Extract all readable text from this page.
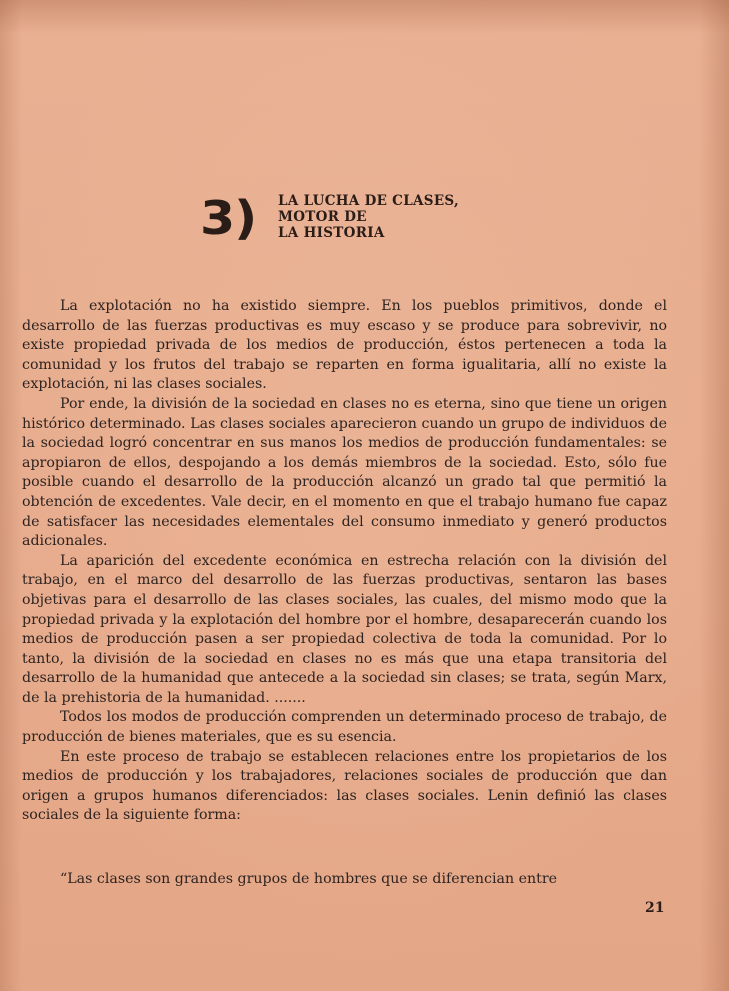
3) LA LUCHA DE CLASES,
MOTOR DE
LA HISTORIA

La explotación no ha existido siempre. En los pueblos primitivos, donde el desarrollo de las fuerzas productivas es muy escaso y se produce para sobrevivir, no existe propiedad privada de los medios de producción, éstos pertenecen a toda la comunidad y los frutos del trabajo se reparten en forma igualitaria, allí no existe la explotación, ni las clases sociales.

Por ende, la división de la sociedad en clases no es eterna, sino que tiene un origen histórico determinado. Las clases sociales aparecieron cuando un grupo de individuos de la sociedad logró concentrar en sus manos los medios de producción fundamentales: se apropiaron de ellos, despojando a los demás miembros de la sociedad. Esto, sólo fue posible cuando el desarrollo de la producción alcanzó un grado tal que permitió la obtención de excedentes. Vale decir, en el momento en que el trabajo humano fue capaz de satisfacer las necesidades elementales del consumo inmediato y generó productos adicionales.

La aparición del excedente económica en estrecha relación con la división del trabajo, en el marco del desarrollo de las fuerzas productivas, sentaron las bases objetivas para el desarrollo de las clases sociales, las cuales, del mismo modo que la propiedad privada y la explotación del hombre por el hombre, desaparecerán cuando los medios de producción pasen a ser propiedad colectiva de toda la comunidad. Por lo tanto, la división de la sociedad en clases no es más que una etapa transitoria del desarrollo de la humanidad que antecede a la sociedad sin clases; se trata, según Marx, de la prehistoria de la humanidad. .......

Todos los modos de producción comprenden un determinado proceso de trabajo, de producción de bienes materiales, que es su esencia.

En este proceso de trabajo se establecen relaciones entre los propietarios de los medios de producción y los trabajadores, relaciones sociales de producción que dan origen a grupos humanos diferenciados: las clases sociales. Lenin definió las clases sociales de la siguiente forma:

“Las clases son grandes grupos de hombres que se diferencian entre
21
